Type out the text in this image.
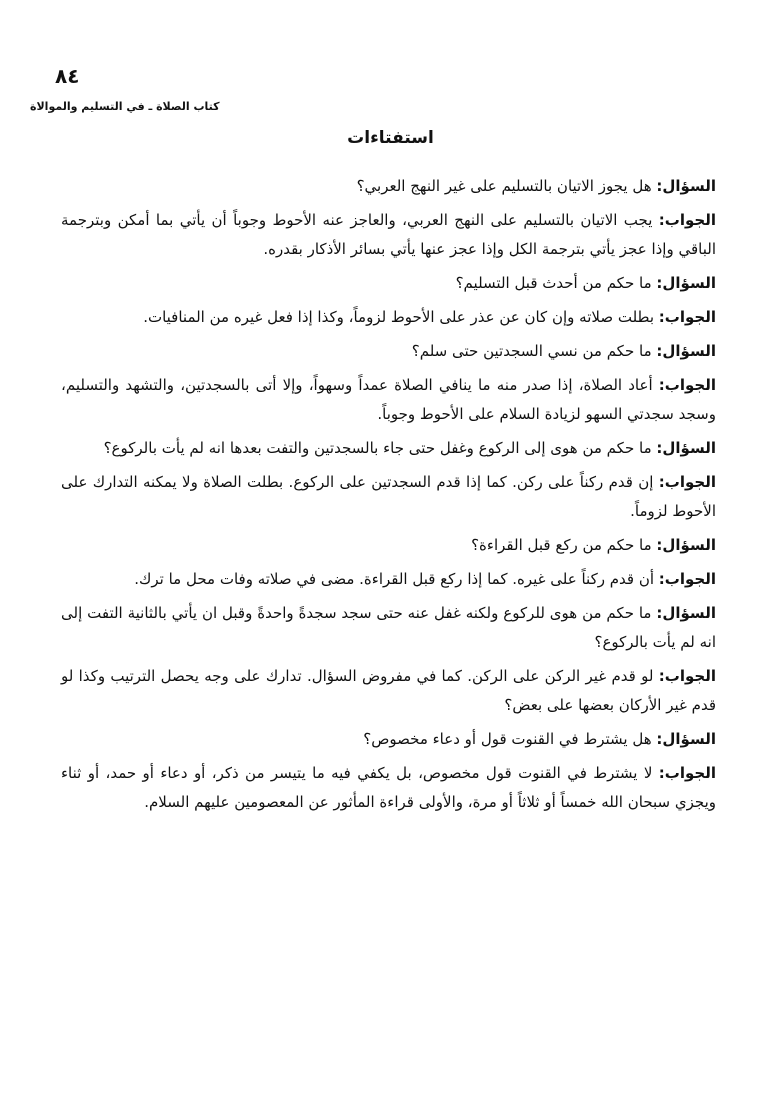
٨٤
كتاب الصلاة ـ في التسليم والموالاة
استفتاءات

السؤال: هل يجوز الاتيان بالتسليم على غير النهج العربي؟

الجواب: يجب الاتيان بالتسليم على النهج العربي، والعاجز عنه الأحوط وجوباً أن يأتي بما أمكن وبترجمة الباقي وإذا عجز يأتي بترجمة الكل وإذا عجز عنها يأتي بسائر الأذكار بقدره.

السؤال: ما حكم من أحدث قبل التسليم؟

الجواب: بطلت صلاته وإن كان عن عذر على الأحوط لزوماً، وكذا إذا فعل غيره من المنافيات.

السؤال: ما حكم من نسي السجدتين حتى سلم؟

الجواب: أعاد الصلاة، إذا صدر منه ما ينافي الصلاة عمداً وسهواً، وإلا أتى بالسجدتين، والتشهد والتسليم، وسجد سجدتي السهو لزيادة السلام على الأحوط وجوباً.

السؤال: ما حكم من هوى إلى الركوع وغفل حتى جاء بالسجدتين والتفت بعدها انه لم يأت بالركوع؟

الجواب: إن قدم ركناً على ركن. كما إذا قدم السجدتين على الركوع. بطلت الصلاة ولا يمكنه التدارك على الأحوط لزوماً.

السؤال: ما حكم من ركع قبل القراءة؟

الجواب: أن قدم ركناً على غيره. كما إذا ركع قبل القراءة. مضى في صلاته وفات محل ما ترك.

السؤال: ما حكم من هوى للركوع ولكنه غفل عنه حتى سجد سجدةً واحدةً وقبل ان يأتي بالثانية التفت إلى انه لم يأت بالركوع؟

الجواب: لو قدم غير الركن على الركن. كما في مفروض السؤال. تدارك على وجه يحصل الترتيب وكذا لو قدم غير الأركان بعضها على بعض؟

السؤال: هل يشترط في القنوت قول أو دعاء مخصوص؟

الجواب: لا يشترط في القنوت قول مخصوص، بل يكفي فيه ما يتيسر من ذكر، أو دعاء أو حمد، أو ثناء ويجزي سبحان الله خمساً أو ثلاثاً أو مرة، والأولى قراءة المأثور عن المعصومين عليهم السلام.
